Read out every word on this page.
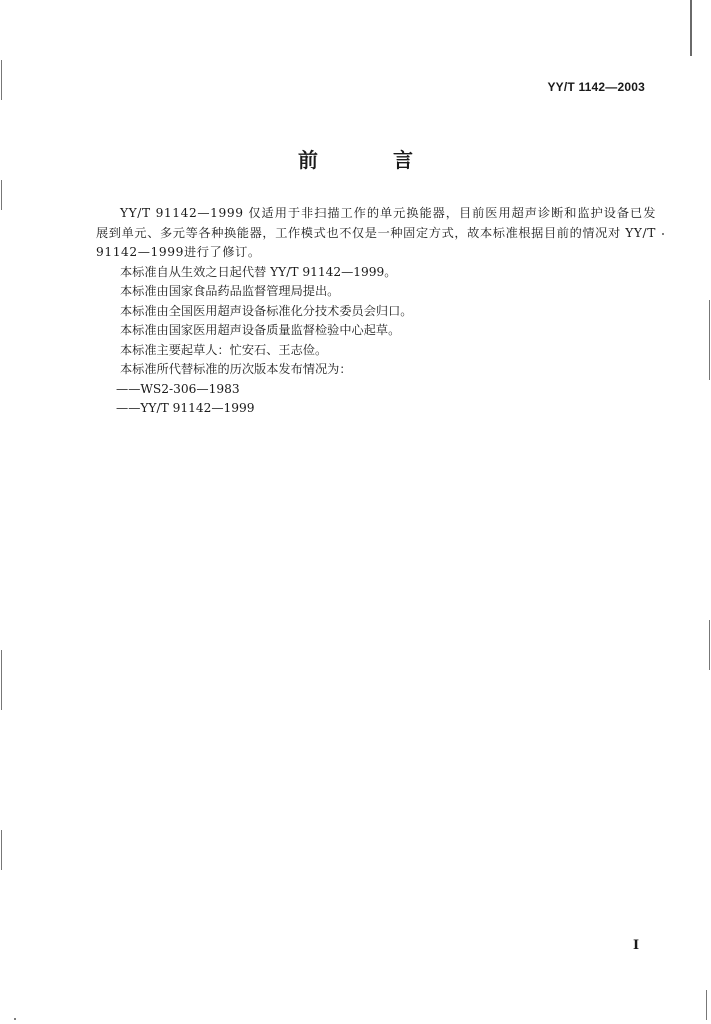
YY/T 1142—2003
前 言

YY/T 91142—1999 仅适用于非扫描工作的单元换能器，目前医用超声诊断和监护设备已发展到单元、多元等各种换能器，工作模式也不仅是一种固定方式，故本标准根据目前的情况对 YY/T 91142—1999进行了修订。

本标准自从生效之日起代替 YY/T 91142—1999。

本标准由国家食品药品监督管理局提出。

本标准由全国医用超声设备标准化分技术委员会归口。

本标准由国家医用超声设备质量监督检验中心起草。

本标准主要起草人：忙安石、王志俭。

本标准所代替标准的历次版本发布情况为：

——WS2-306—1983

——YY/T 91142—1999

I
